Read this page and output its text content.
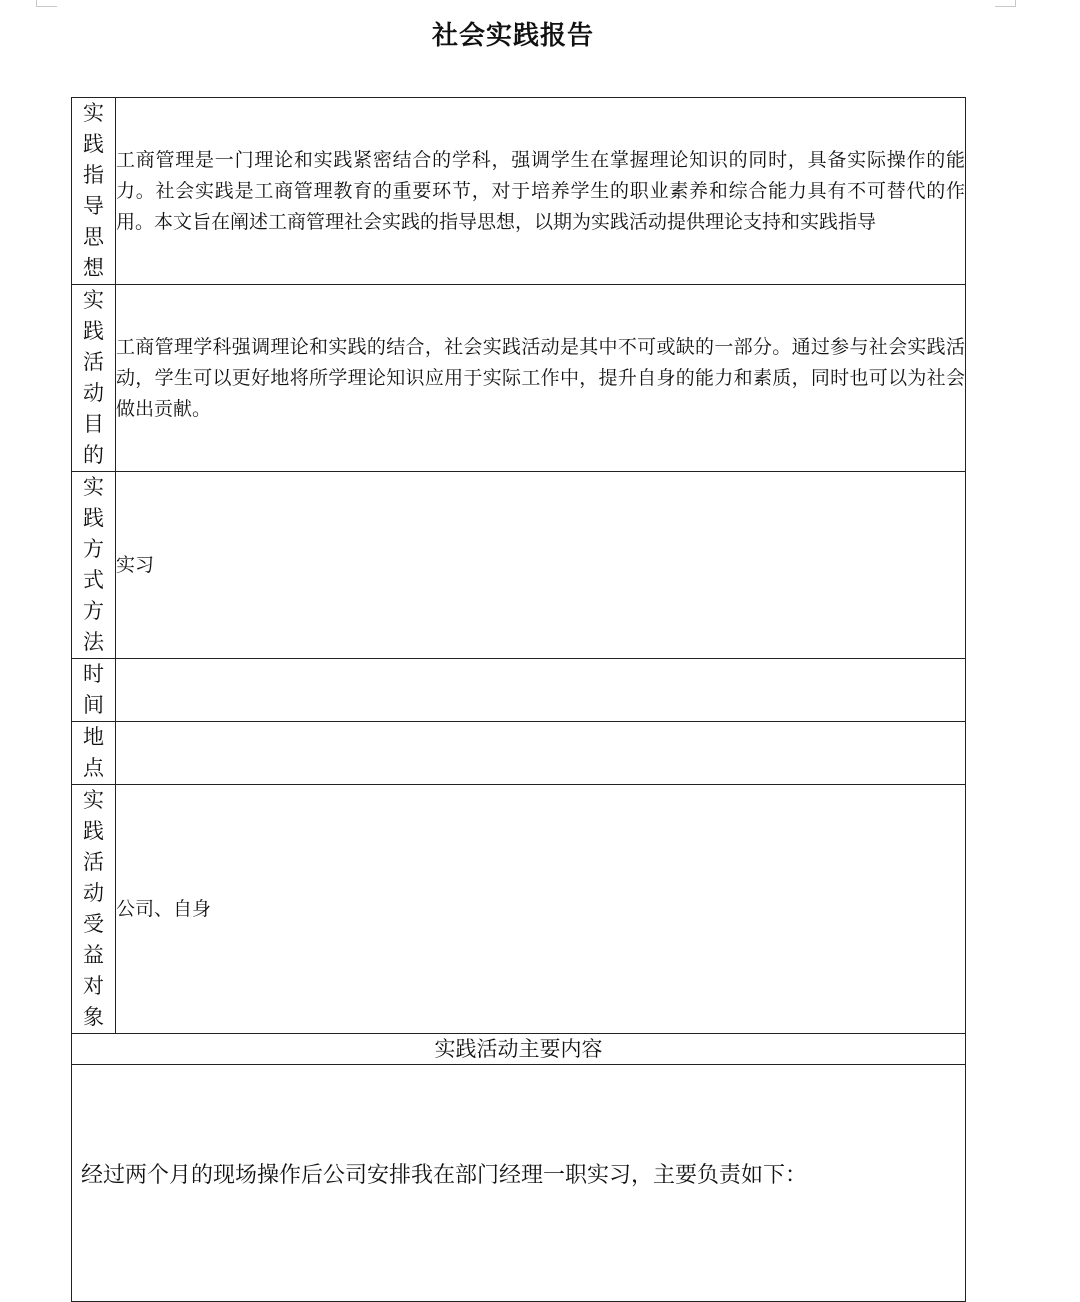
社会实践报告
实践指导思想	工商管理是一门理论和实践紧密结合的学科，强调学生在掌握理论知识的同时，具备实际操作的能力。社会实践是工商管理教育的重要环节，对于培养学生的职业素养和综合能力具有不可替代的作用。本文旨在阐述工商管理社会实践的指导思想，以期为实践活动提供理论支持和实践指导

实践活动目的	工商管理学科强调理论和实践的结合，社会实践活动是其中不可或缺的一部分。通过参与社会实践活动，学生可以更好地将所学理论知识应用于实际工作中，提升自身的能力和素质，同时也可以为社会做出贡献。

实践方式方法	实习

时间	

地点	

实践活动受益对象	公司、自身
实践活动主要内容	
经过两个月的现场操作后公司安排我在部门经理一职实习，主要负责如下：	
